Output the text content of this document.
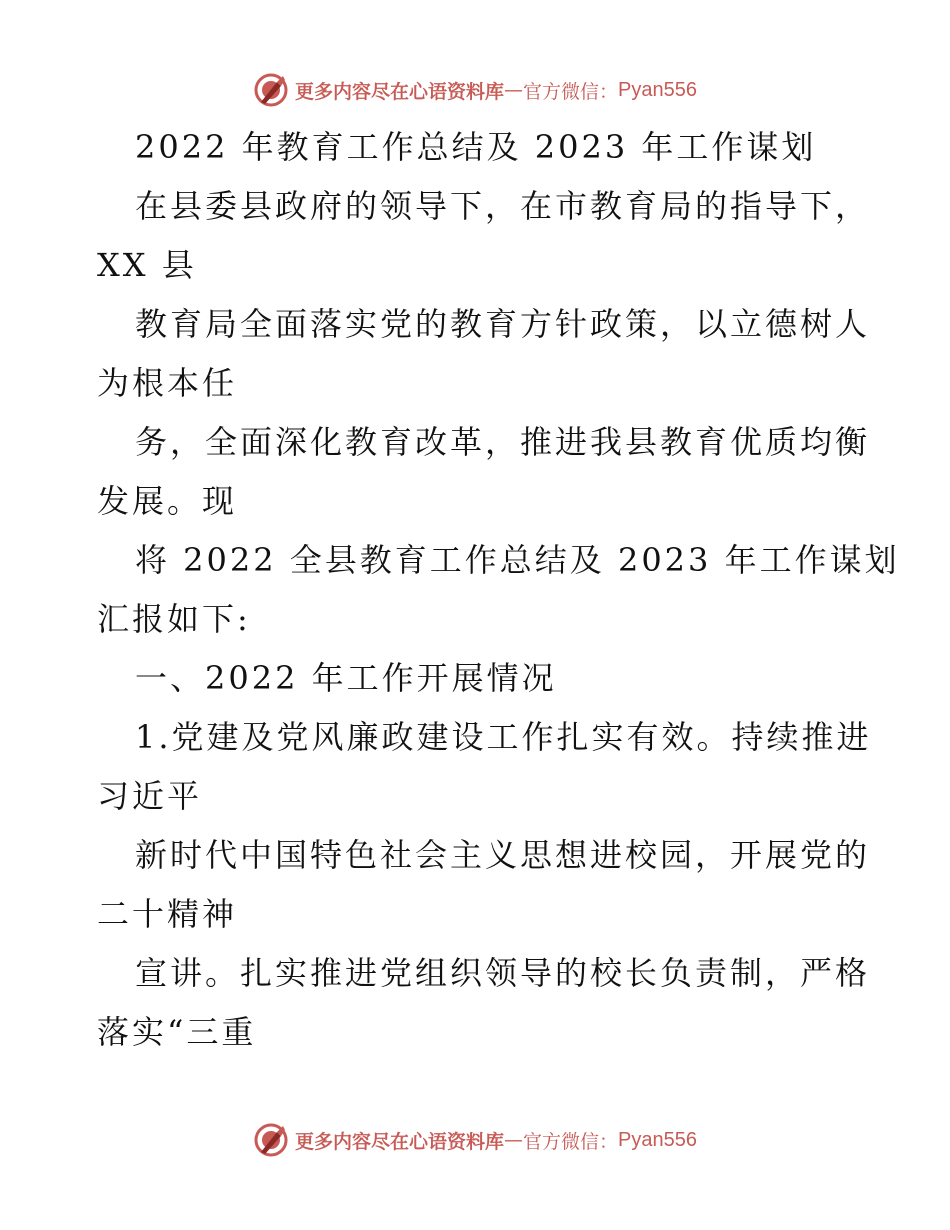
更多内容尽在心语资料库 — 官方微信： Pyan556
2022 年教育工作总结及 2023 年工作谋划
在县委县政府的领导下，在市教育局的指导下，
XX 县
教育局全面落实党的教育方针政策，以立德树人
为根本任
务，全面深化教育改革，推进我县教育优质均衡
发展。现
将 2022 全县教育工作总结及 2023 年工作谋划
汇报如下:
一、2022 年工作开展情况
1.党建及党风廉政建设工作扎实有效。持续推进
习近平
新时代中国特色社会主义思想进校园，开展党的
二十精神
宣讲。扎实推进党组织领导的校长负责制，严格
落实“三重
更多内容尽在心语资料库 — 官方微信： Pyan556
